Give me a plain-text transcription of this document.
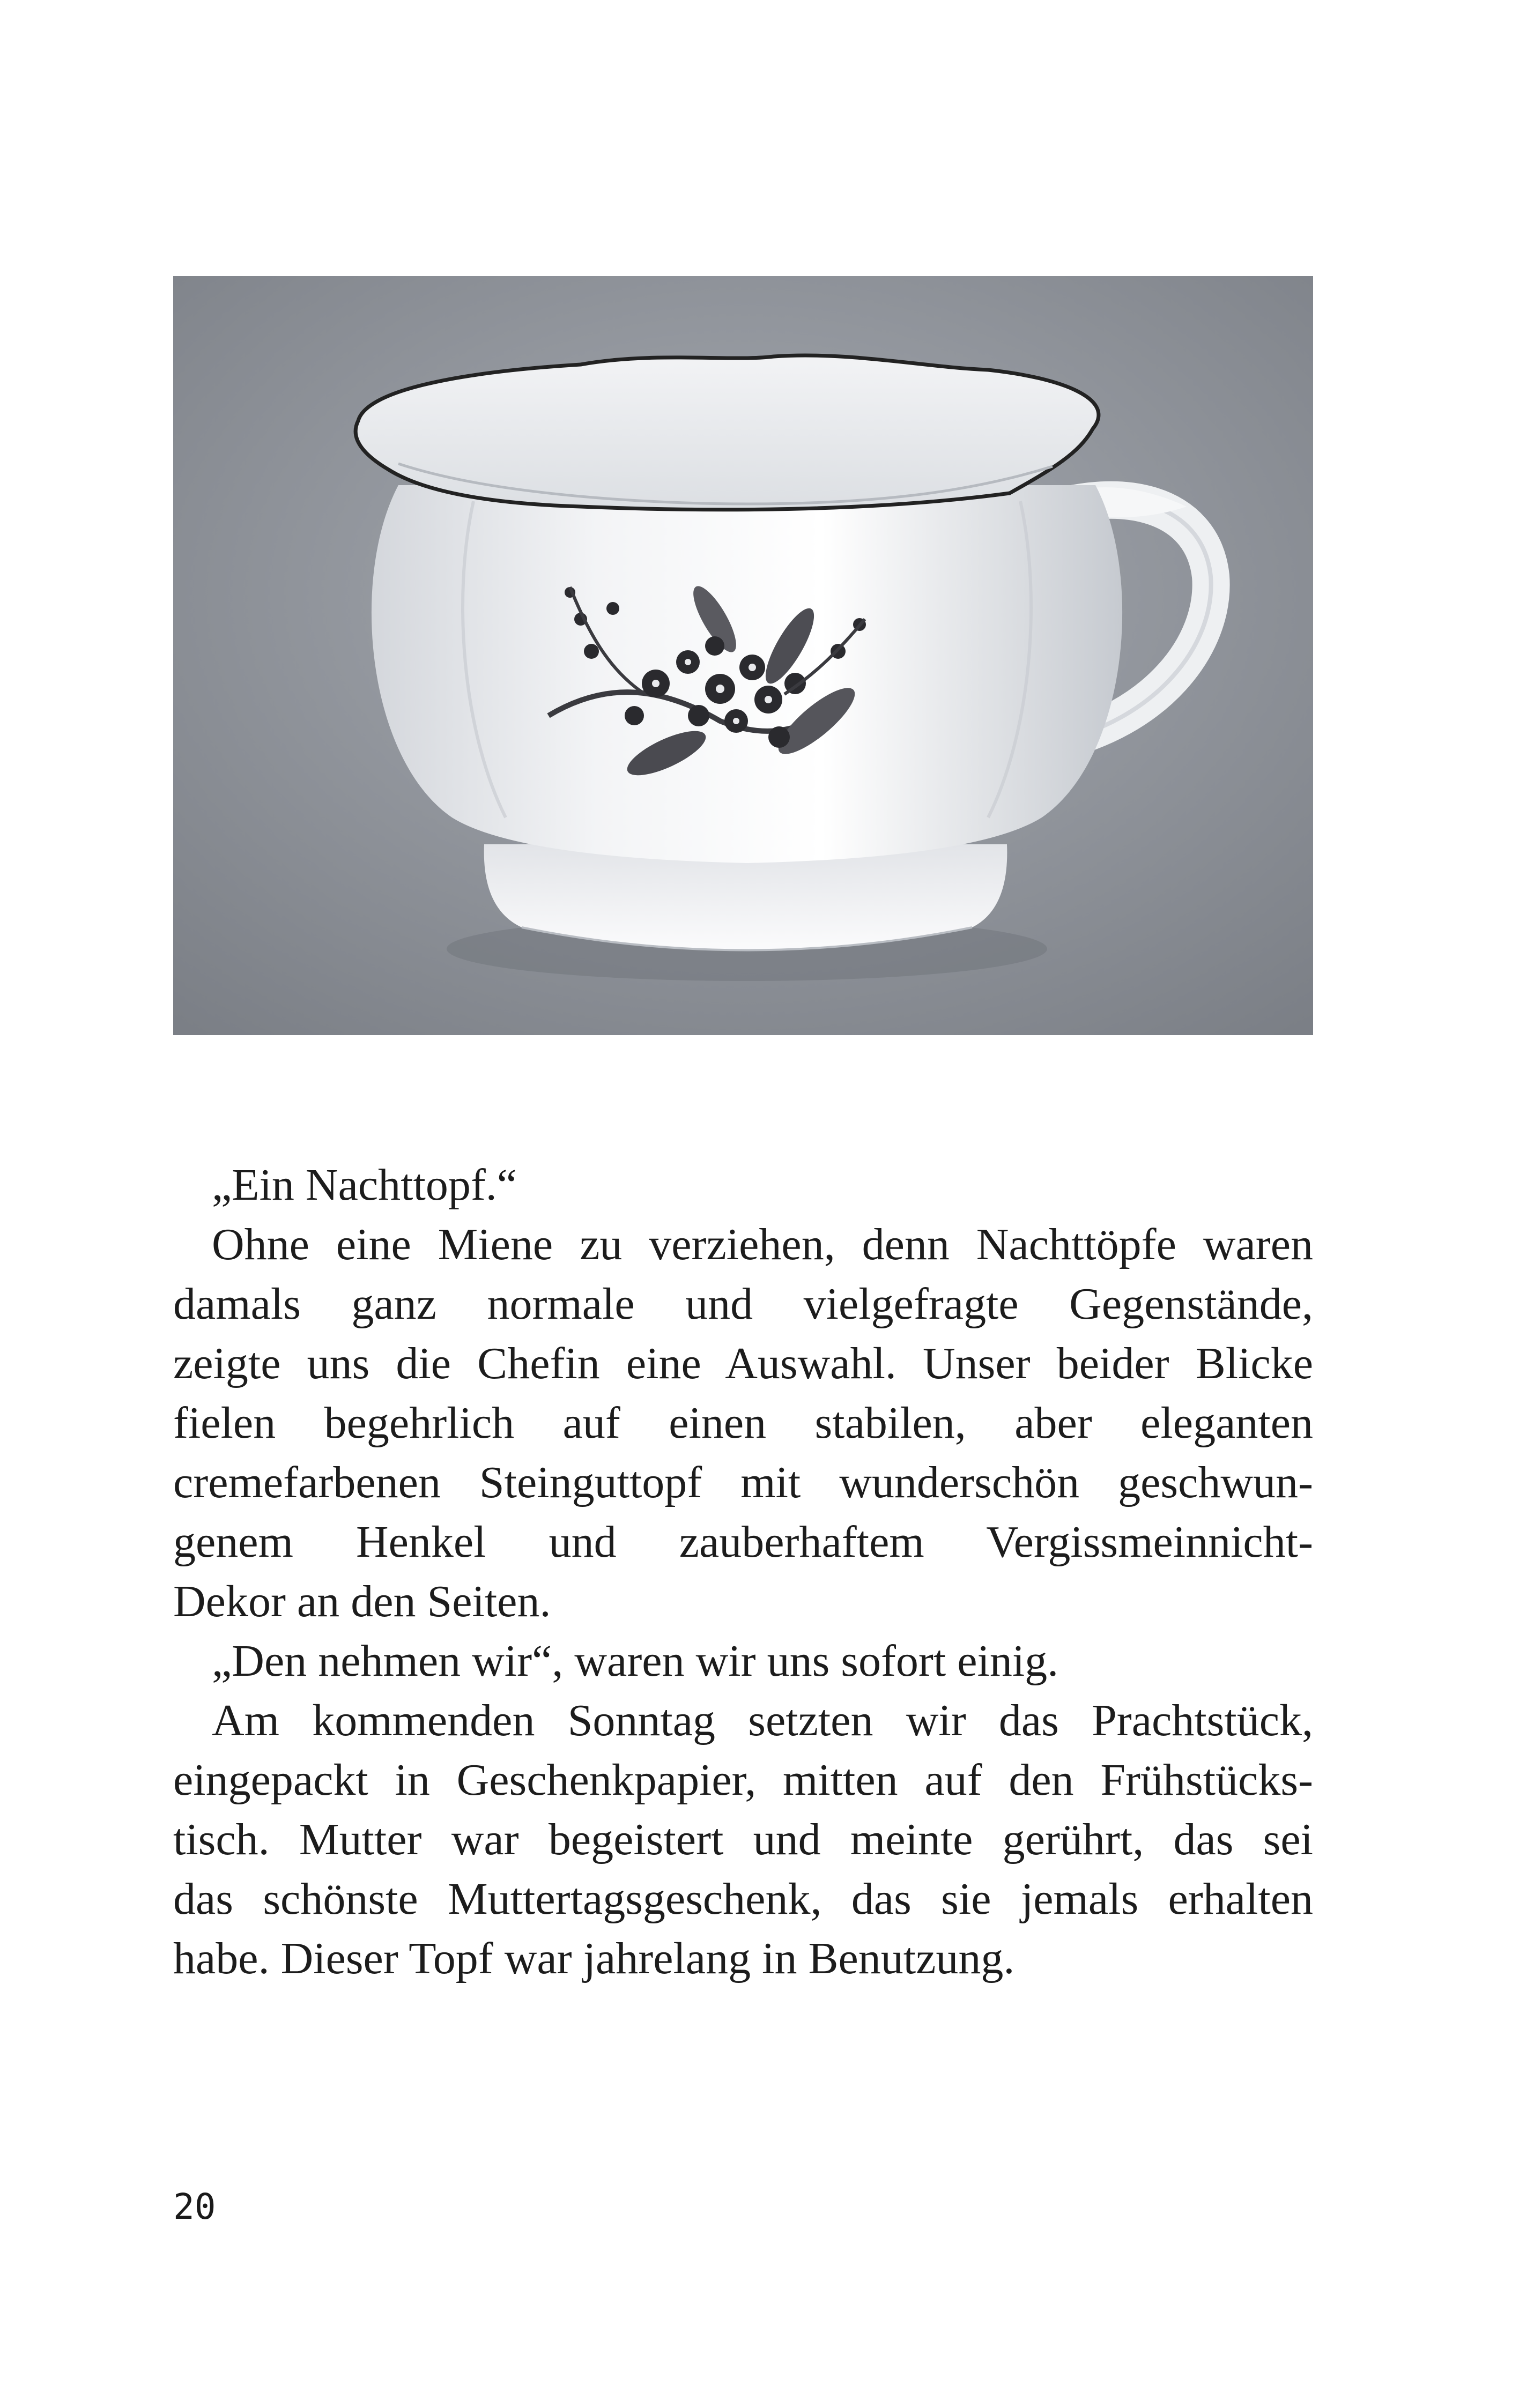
„Ein Nachttopf.“

Ohne eine Miene zu verziehen, denn Nachttöpfe waren
damals ganz normale und vielgefragte Gegenstände,
zeigte uns die Chefin eine Auswahl. Unser beider Blicke
fielen begehrlich auf einen stabilen, aber eleganten
cremefarbenen Steinguttopf mit wunderschön geschwun-
genem Henkel und zauberhaftem Vergissmeinnicht-
Dekor an den Seiten.

„Den nehmen wir“, waren wir uns sofort einig.

Am kommenden Sonntag setzten wir das Prachtstück,
eingepackt in Geschenkpapier, mitten auf den Frühstücks-
tisch. Mutter war begeistert und meinte gerührt, das sei
das schönste Muttertagsgeschenk, das sie jemals erhalten
habe. Dieser Topf war jahrelang in Benutzung.

20
